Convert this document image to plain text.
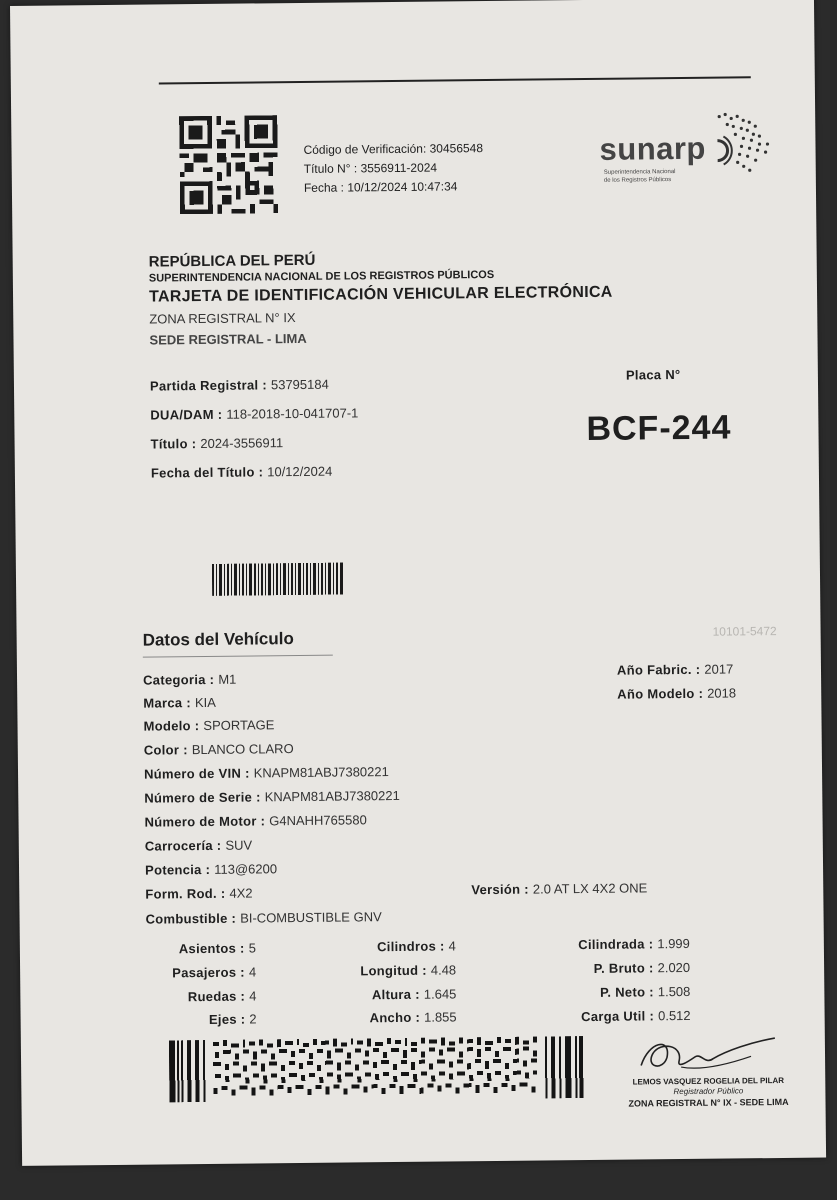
Código de Verificación: 30456548
Título N° : 3556911-2024
Fecha : 10/12/2024 10:47:34
sunarp
Superintendencia Nacional
de los Registros Públicos
REPÚBLICA DEL PERÚ
SUPERINTENDENCIA NACIONAL DE LOS REGISTROS PÚBLICOS
TARJETA DE IDENTIFICACIÓN VEHICULAR ELECTRÓNICA
ZONA REGISTRAL N° IX
SEDE REGISTRAL - LIMA
Partida Registral : 53795184
DUA/DAM : 118-2018-10-041707-1
Título : 2024-3556911
Fecha del Título : 10/12/2024
Placa N°
BCF-244
Datos del Vehículo	10101-5472
Categoria : M1
Marca : KIA
Modelo : SPORTAGE
Color : BLANCO CLARO
Número de VIN : KNAPM81ABJ7380221
Número de Serie : KNAPM81ABJ7380221
Número de Motor : G4NAHH765580
Carrocería : SUV
Potencia : 113@6200
Form. Rod. : 4X2
Combustible : BI-COMBUSTIBLE GNV
Año Fabric. : 2017
Año Modelo : 2018
Versión : 2.0 AT LX 4X2 ONE
Asientos : 5
Pasajeros : 4
Ruedas : 4
Ejes : 2
Cilindros : 4
Longitud : 4.48
Altura : 1.645
Ancho : 1.855
Cilindrada : 1.999
P. Bruto : 2.020
P. Neto : 1.508
Carga Util : 0.512
LEMOS VASQUEZ ROGELIA DEL PILAR
Registrador Público
ZONA REGISTRAL N° IX - SEDE LIMA
